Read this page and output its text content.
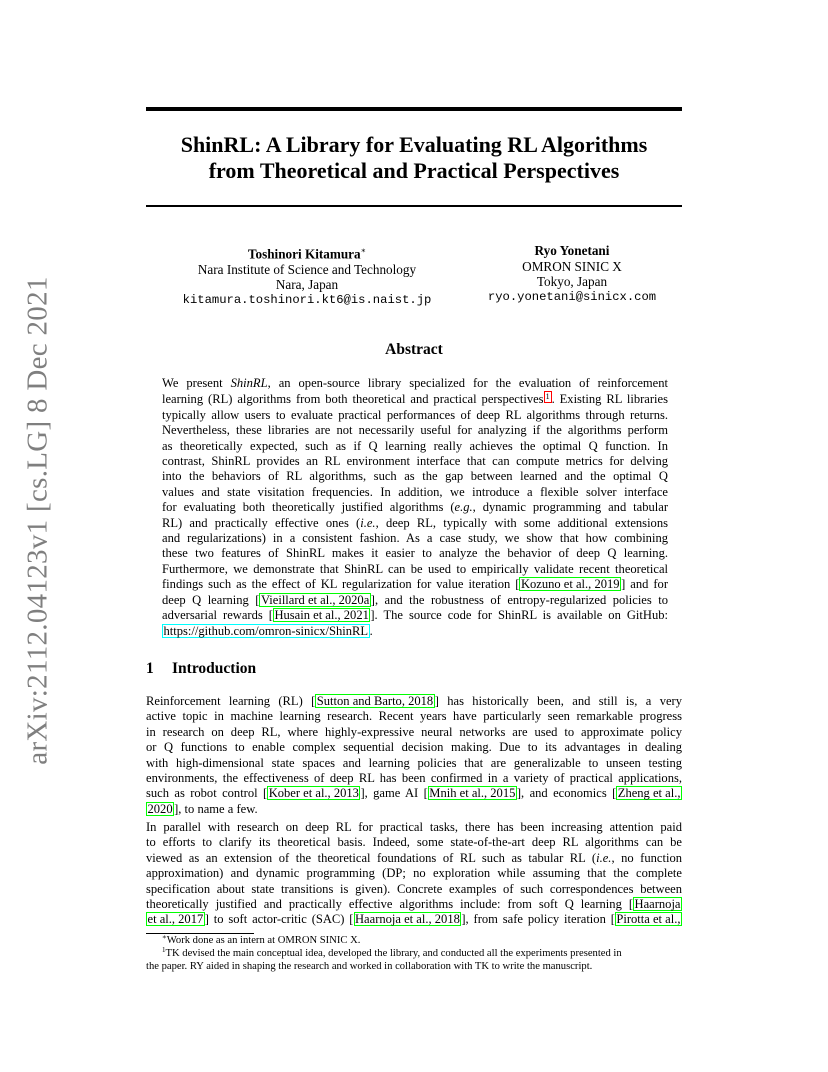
arXiv:2112.04123v1 [cs.LG] 8 Dec 2021
ShinRL: A Library for Evaluating RL Algorithms
from Theoretical and Practical Perspectives
Toshinori Kitamura∗
Nara Institute of Science and Technology
Nara, Japan
kitamura.toshinori.kt6@is.naist.jp
Ryo Yonetani
OMRON SINIC X
Tokyo, Japan
ryo.yonetani@sinicx.com
Abstract
We present ShinRL, an open-source library specialized for the evaluation of reinforcement
learning (RL) algorithms from both theoretical and practical perspectives 1 . Existing RL libraries
typically allow users to evaluate practical performances of deep RL algorithms through returns.
Nevertheless, these libraries are not necessarily useful for analyzing if the algorithms perform
as theoretically expected, such as if Q learning really achieves the optimal Q function. In
contrast, ShinRL provides an RL environment interface that can compute metrics for delving
into the behaviors of RL algorithms, such as the gap between learned and the optimal Q
values and state visitation frequencies. In addition, we introduce a flexible solver interface
for evaluating both theoretically justified algorithms (e.g., dynamic programming and tabular
RL) and practically effective ones (i.e., deep RL, typically with some additional extensions
and regularizations) in a consistent fashion. As a case study, we show that how combining
these two features of ShinRL makes it easier to analyze the behavior of deep Q learning.
Furthermore, we demonstrate that ShinRL can be used to empirically validate recent theoretical
findings such as the effect of KL regularization for value iteration [ Kozuno et al., 2019 ] and for
deep Q learning [ Vieillard et al., 2020a ], and the robustness of entropy-regularized policies to
adversarial rewards [ Husain et al., 2021 ]. The source code for ShinRL is available on GitHub:
https://github.com/omron-sinicx/ShinRL .
1 Introduction
Reinforcement learning (RL) [ Sutton and Barto, 2018 ] has historically been, and still is, a very
active topic in machine learning research. Recent years have particularly seen remarkable progress
in research on deep RL, where highly-expressive neural networks are used to approximate policy
or Q functions to enable complex sequential decision making. Due to its advantages in dealing
with high-dimensional state spaces and learning policies that are generalizable to unseen testing
environments, the effectiveness of deep RL has been confirmed in a variety of practical applications,
such as robot control [ Kober et al., 2013 ], game AI [ Mnih et al., 2015 ], and economics [ Zheng et al.,
2020 ], to name a few.
In parallel with research on deep RL for practical tasks, there has been increasing attention paid
to efforts to clarify its theoretical basis. Indeed, some state-of-the-art deep RL algorithms can be
viewed as an extension of the theoretical foundations of RL such as tabular RL (i.e., no function
approximation) and dynamic programming (DP; no exploration while assuming that the complete
specification about state transitions is given). Concrete examples of such correspondences between
theoretically justified and practically effective algorithms include: from soft Q learning [ Haarnoja
et al., 2017 ] to soft actor-critic (SAC) [ Haarnoja et al., 2018 ], from safe policy iteration [ Pirotta et al.,
∗Work done as an intern at OMRON SINIC X.
$^1$TK devised the main conceptual idea, developed the library, and conducted all the experiments presented in
the paper. RY aided in shaping the research and worked in collaboration with TK to write the manuscript.
